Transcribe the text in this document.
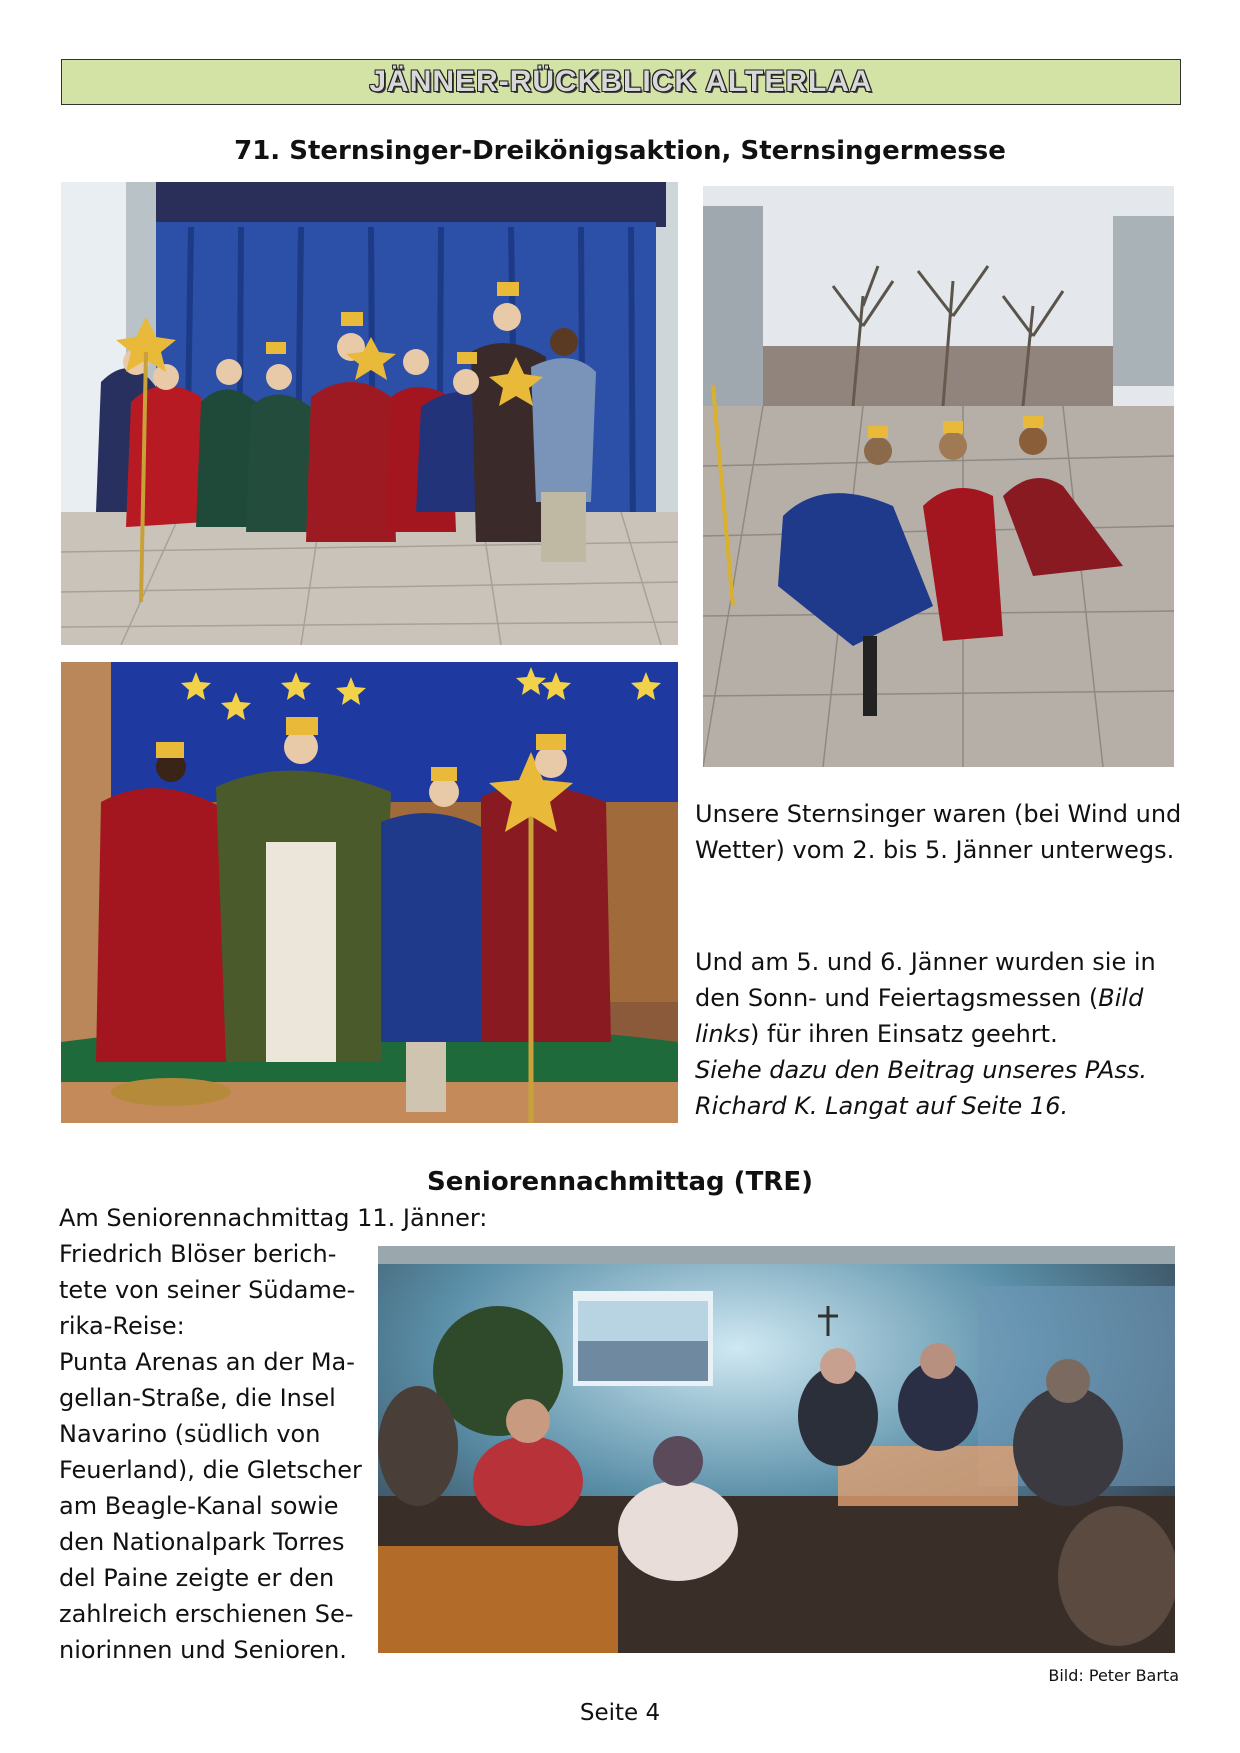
JÄNNER-RÜCKBLICK ALTERLAA
71. Sternsinger-Dreikönigsaktion, Sternsingermesse
Unsere Sternsinger waren (bei Wind und
Wetter) vom 2. bis 5. Jänner unterwegs.
Und am 5. und 6. Jänner wurden sie in
den Sonn- und Feiertagsmessen (Bild
links) für ihren Einsatz geehrt.
Siehe dazu den Beitrag unseres PAss.
Richard K. Langat auf Seite 16.
Seniorennachmittag (TRE)
Am Seniorennachmittag 11. Jänner:
Friedrich Blöser berich-
tete von seiner Südame-
rika-Reise:
Punta Arenas an der Ma-
gellan-Straße, die Insel
Navarino (südlich von
Feuerland), die Gletscher
am Beagle-Kanal sowie
den Nationalpark Torres
del Paine zeigte er den
zahlreich erschienen Se-
niorinnen und Senioren.
Bild: Peter Barta
Seite 4
